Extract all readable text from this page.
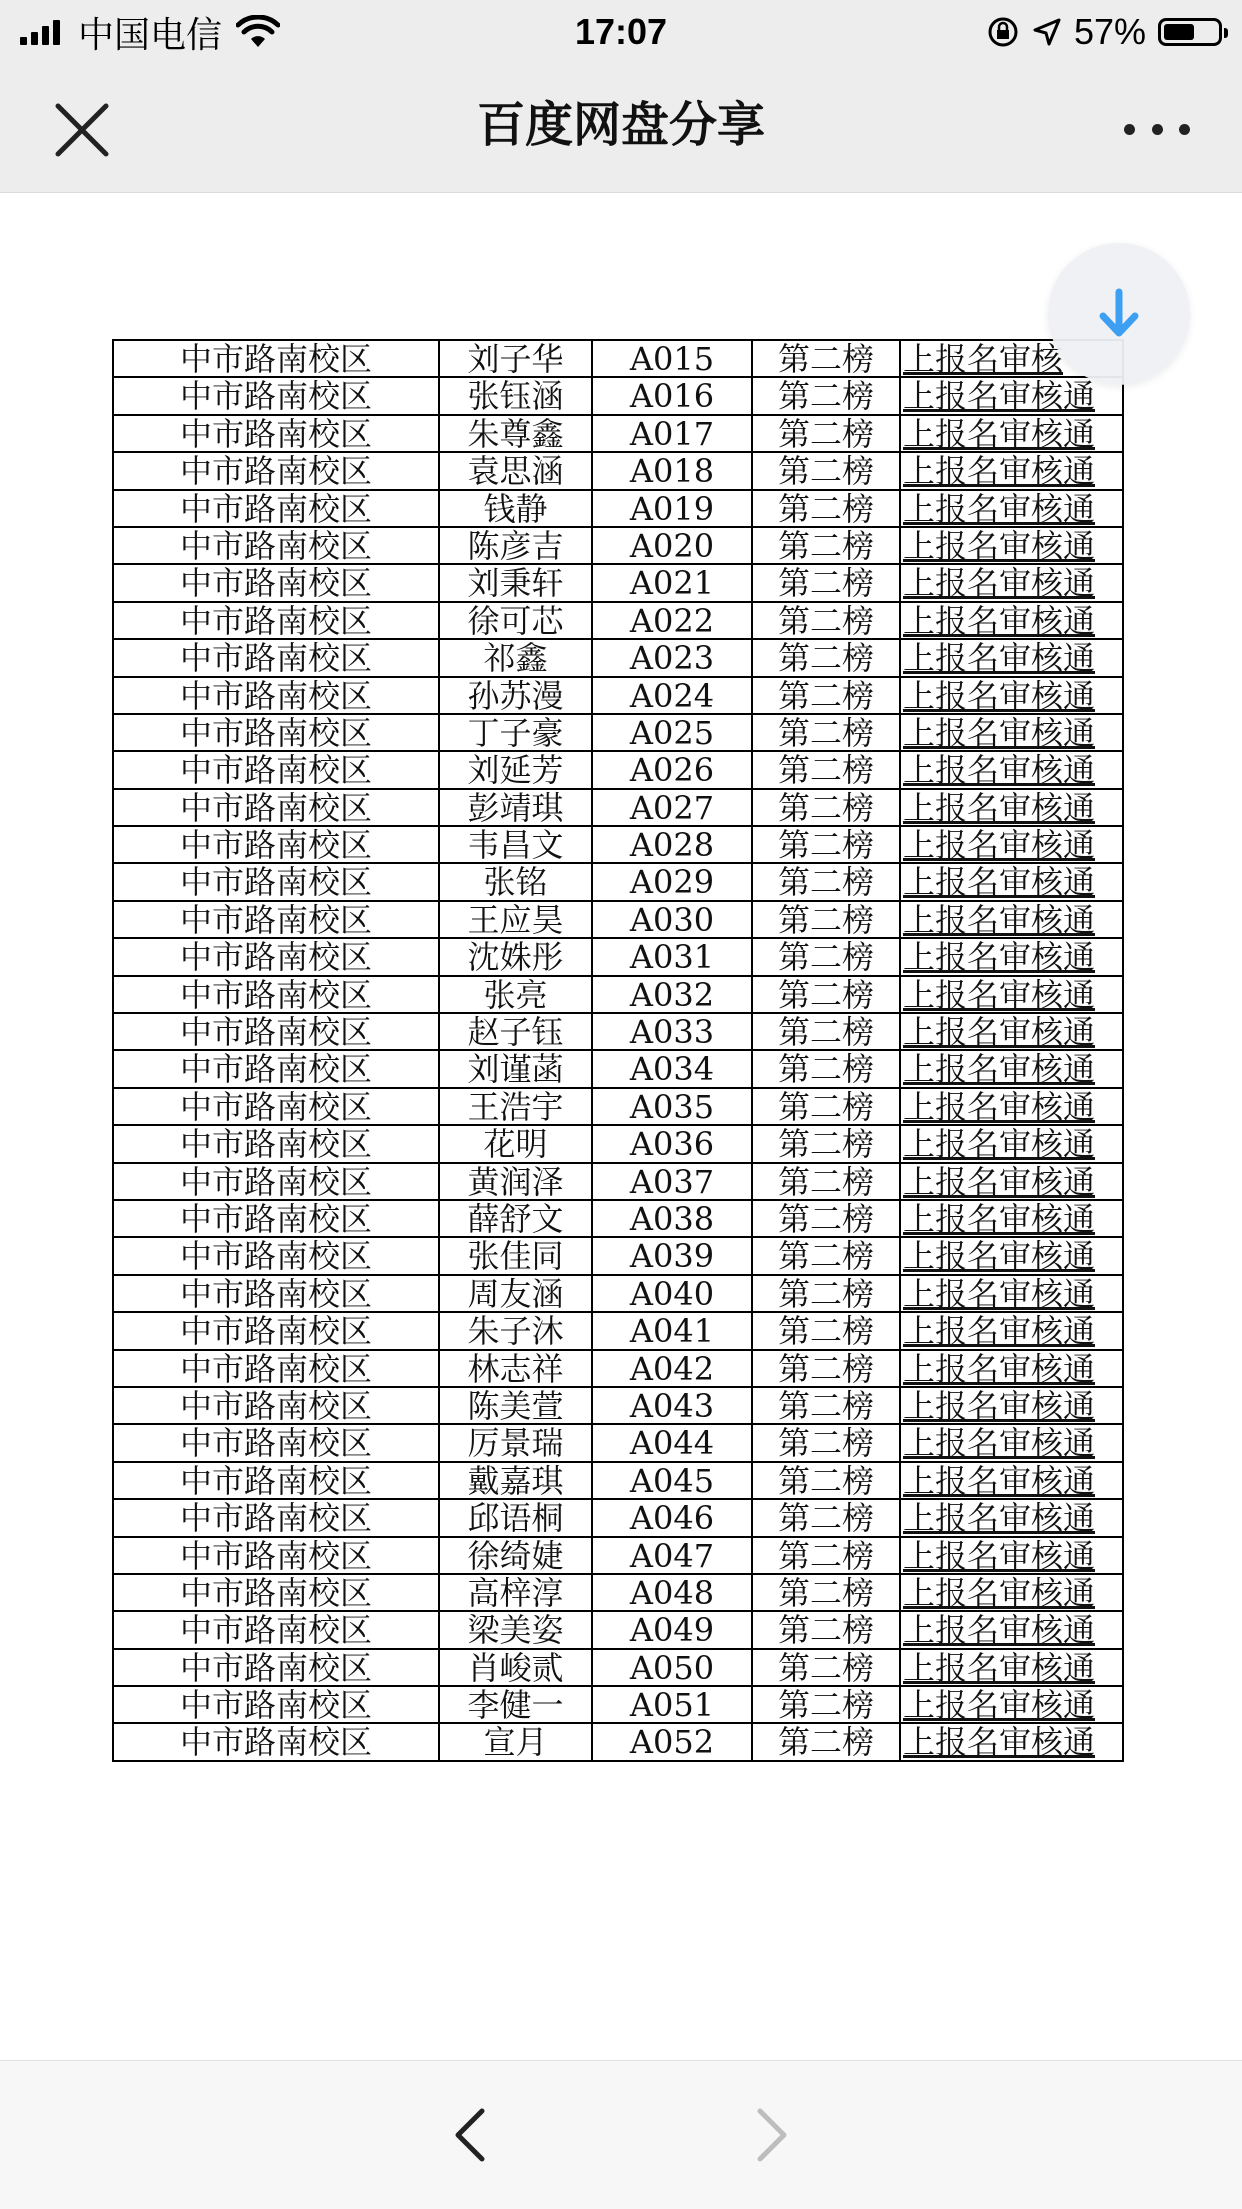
中国电信	17:07	57%
百度网盘分享
中市路南校区	刘子华	A015	第二榜 上报名审核
中市路南校区	张钰涵	A016	第二榜 上报名审核通
中市路南校区	朱尊鑫	A017	第二榜 上报名审核通
中市路南校区	袁思涵	A018	第二榜 上报名审核通
中市路南校区	钱静	A019	第二榜 上报名审核通
中市路南校区	陈彦吉	A020	第二榜 上报名审核通
中市路南校区	刘秉轩	A021	第二榜 上报名审核通
中市路南校区	徐可芯	A022	第二榜 上报名审核通
中市路南校区	祁鑫	A023	第二榜 上报名审核通
中市路南校区	孙苏漫	A024	第二榜 上报名审核通
中市路南校区	丁子豪	A025	第二榜 上报名审核通
中市路南校区	刘延芳	A026	第二榜 上报名审核通
中市路南校区	彭靖琪	A027	第二榜 上报名审核通
中市路南校区	韦昌文	A028	第二榜 上报名审核通
中市路南校区	张铭	A029	第二榜 上报名审核通
中市路南校区	王应昊	A030	第二榜 上报名审核通
中市路南校区	沈姝彤	A031	第二榜 上报名审核通
中市路南校区	张亮	A032	第二榜 上报名审核通
中市路南校区	赵子钰	A033	第二榜 上报名审核通
中市路南校区	刘谨菡	A034	第二榜 上报名审核通
中市路南校区	王浩宇	A035	第二榜 上报名审核通
中市路南校区	花明	A036	第二榜 上报名审核通
中市路南校区	黄润泽	A037	第二榜 上报名审核通
中市路南校区	薛舒文	A038	第二榜 上报名审核通
中市路南校区	张佳同	A039	第二榜 上报名审核通
中市路南校区	周友涵	A040	第二榜 上报名审核通
中市路南校区	朱子沐	A041	第二榜 上报名审核通
中市路南校区	林志祥	A042	第二榜 上报名审核通
中市路南校区	陈美萱	A043	第二榜 上报名审核通
中市路南校区	厉景瑞	A044	第二榜 上报名审核通
中市路南校区	戴嘉琪	A045	第二榜 上报名审核通
中市路南校区	邱语桐	A046	第二榜 上报名审核通
中市路南校区	徐绮婕	A047	第二榜 上报名审核通
中市路南校区	高梓淳	A048	第二榜 上报名审核通
中市路南校区	梁美姿	A049	第二榜 上报名审核通
中市路南校区	肖峻贰	A050	第二榜 上报名审核通
中市路南校区	李健一	A051	第二榜 上报名审核通
中市路南校区	宣月	A052	第二榜 上报名审核通
